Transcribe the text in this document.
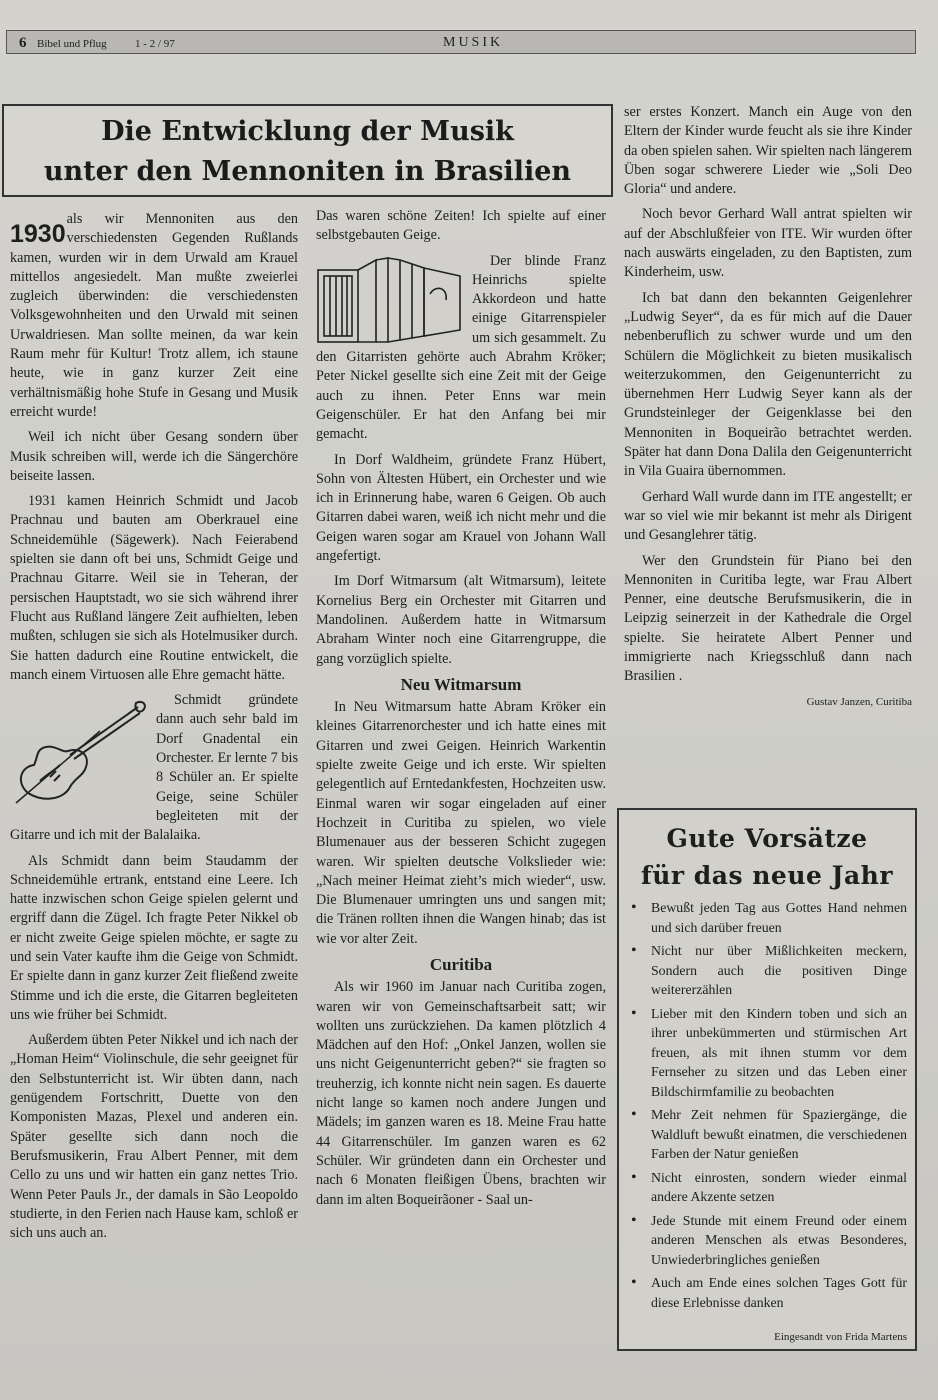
6 Bibel und Pflug	1 - 2 / 97	MUSIK
Die Entwicklung der Musik
unter den Mennoniten in Brasilien

1930
als wir Mennoniten aus den verschiedensten Gegenden Rußlands kamen, wurden wir in dem Urwald am Krauel mittellos angesiedelt. Man mußte zweierlei zugleich überwinden: die verschiedensten Volksgewohnheiten und den Urwald mit seinen Urwaldriesen. Man sollte meinen, da war kein Raum mehr für Kultur! Trotz allem, ich staune heute, wie in ganz kurzer Zeit eine verhältnismäßig hohe Stufe in Gesang und Musik erreicht wurde!

Weil ich nicht über Gesang sondern über Musik schreiben will, werde ich die Sängerchöre beiseite lassen.

1931 kamen Heinrich Schmidt und Jacob Prachnau und bauten am Oberkrauel eine Schneidemühle (Sägewerk). Nach Feierabend spielten sie dann oft bei uns, Schmidt Geige und Prachnau Gitarre. Weil sie in Teheran, der persischen Hauptstadt, wo sie sich während ihrer Flucht aus Rußland längere Zeit aufhielten, leben mußten, schlugen sie sich als Hotelmusiker durch. Sie hatten dadurch eine Routine entwickelt, die manch einem Virtuosen alle Ehre gemacht hätte.

Schmidt gründete dann auch sehr bald im Dorf Gnadental ein Orchester. Er lernte 7 bis 8 Schüler an. Er spielte Geige, seine Schüler begleiteten mit der Gitarre und ich mit der Balalaika.

Als Schmidt dann beim Staudamm der Schneidemühle ertrank, entstand eine Leere. Ich hatte inzwischen schon Geige spielen gelernt und ergriff dann die Zügel. Ich fragte Peter Nikkel ob er nicht zweite Geige spielen möchte, er sagte zu und sein Vater kaufte ihm die Geige von Schmidt. Er spielte dann in ganz kurzer Zeit fließend zweite Stimme und ich die erste, die Gitarren begleiteten uns wie früher bei Schmidt.

Außerdem übten Peter Nikkel und ich nach der „Homan Heim“ Violinschule, die sehr geeignet für den Selbstunterricht ist. Wir übten dann, nach genügendem Fortschritt, Duette von den Komponisten Mazas, Plexel und anderen ein. Später gesellte sich dann noch die Berufsmusikerin, Frau Albert Penner, mit dem Cello zu uns und wir hatten ein ganz nettes Trio. Wenn Peter Pauls Jr., der damals in São Leopoldo studierte, in den Ferien nach Hause kam, schloß er sich uns auch an.

Das waren schöne Zeiten! Ich spielte auf einer selbstgebauten Geige.

Der blinde Franz Heinrichs spielte Akkordeon und hatte einige Gitarrenspieler um sich gesammelt. Zu den Gitarristen gehörte auch Abrahm Kröker; Peter Nickel gesellte sich eine Zeit mit der Geige auch zu ihnen. Peter Enns war mein Geigenschüler. Er hat den Anfang bei mir gemacht.

In Dorf Waldheim, gründete Franz Hübert, Sohn von Ältesten Hübert, ein Orchester und wie ich in Erinnerung habe, waren 6 Geigen. Ob auch Gitarren dabei waren, weiß ich nicht mehr und die Geigen waren sogar am Krauel von Johann Wall angefertigt.

Im Dorf Witmarsum (alt Witmarsum), leitete Kornelius Berg ein Orchester mit Gitarren und Mandolinen. Außerdem hatte in Witmarsum Abraham Winter noch eine Gitarrengruppe, die gang vorzüglich spielte.

Neu Witmarsum

In Neu Witmarsum hatte Abram Kröker ein kleines Gitarrenorchester und ich hatte eines mit Gitarren und zwei Geigen. Heinrich Warkentin spielte zweite Geige und ich erste. Wir spielten gelegentlich auf Erntedankfesten, Hochzeiten usw. Einmal waren wir sogar eingeladen auf einer Hochzeit in Curitiba zu spielen, wo viele Blumenauer aus der besseren Schicht zugegen waren. Wir spielten deutsche Volkslieder wie: „Nach meiner Heimat zieht’s mich wieder“, usw. Die Blumenauer umringten uns und sangen mit; die Tränen rollten ihnen die Wangen hinab; das ist wie vor alter Zeit.

Curitiba

Als wir 1960 im Januar nach Curitiba zogen, waren wir von Gemeinschaftsarbeit satt; wir wollten uns zurückziehen. Da kamen plötzlich 4 Mädchen auf den Hof: „Onkel Janzen, wollen sie uns nicht Geigenunterricht geben?“ sie fragten so treuherzig, ich konnte nicht nein sagen. Es dauerte nicht lange so kamen noch andere Jungen und Mädels; im ganzen waren es 18. Meine Frau hatte 44 Gitarrenschüler. Im ganzen waren es 62 Schüler. Wir gründeten dann ein Orchester und nach 6 Monaten fleißigen Übens, brachten wir dann im alten Boqueirãoner - Saal un-

ser erstes Konzert. Manch ein Auge von den Eltern der Kinder wurde feucht als sie ihre Kinder da oben spielen sahen. Wir spielten nach längerem Üben sogar schwerere Lieder wie „Soli Deo Gloria“ und andere.

Noch bevor Gerhard Wall antrat spielten wir auf der Abschlußfeier von ITE. Wir wurden öfter nach auswärts eingeladen, zu den Baptisten, zum Kinderheim, usw.

Ich bat dann den bekannten Geigenlehrer „Ludwig Seyer“, da es für mich auf die Dauer nebenberuflich zu schwer wurde und um den Schülern die Möglichkeit zu bieten musikalisch weiterzukommen, den Geigenunterricht zu übernehmen Herr Ludwig Seyer kann als der Grundsteinleger der Geigenklasse bei den Mennoniten in Boqueirão betrachtet werden. Später hat dann Dona Dalila den Geigenunterricht in Vila Guaira übernommen.

Gerhard Wall wurde dann im ITE angestellt; er war so viel wie mir bekannt ist mehr als Dirigent und Gesanglehrer tätig.

Wer den Grundstein für Piano bei den Mennoniten in Curitiba legte, war Frau Albert Penner, eine deutsche Berufsmusikerin, die in Leipzig seinerzeit in der Kathedrale die Orgel spielte. Sie heiratete Albert Penner und immigrierte nach Kriegsschluß dann nach Brasilien .

Gustav Janzen, Curitiba
Gute Vorsätze
für das neue Jahr
• Bewußt jeden Tag aus Gottes Hand nehmen und sich darüber freuen
• Nicht nur über Mißlichkeiten meckern, Sondern auch die positiven Dinge weitererzählen
• Lieber mit den Kindern toben und sich an ihrer unbekümmerten und stürmischen Art freuen, als mit ihnen stumm vor dem Fernseher zu sitzen und das Leben einer Bildschirmfamilie zu beobachten
• Mehr Zeit nehmen für Spaziergänge, die Waldluft bewußt einatmen, die verschiedenen Farben der Natur genießen
• Nicht einrosten, sondern wieder einmal andere Akzente setzen
• Jede Stunde mit einem Freund oder einem anderen Menschen als etwas Besonderes, Unwiederbringliches genießen
• Auch am Ende eines solchen Tages Gott für diese Erlebnisse danken
Eingesandt von Frida Martens
